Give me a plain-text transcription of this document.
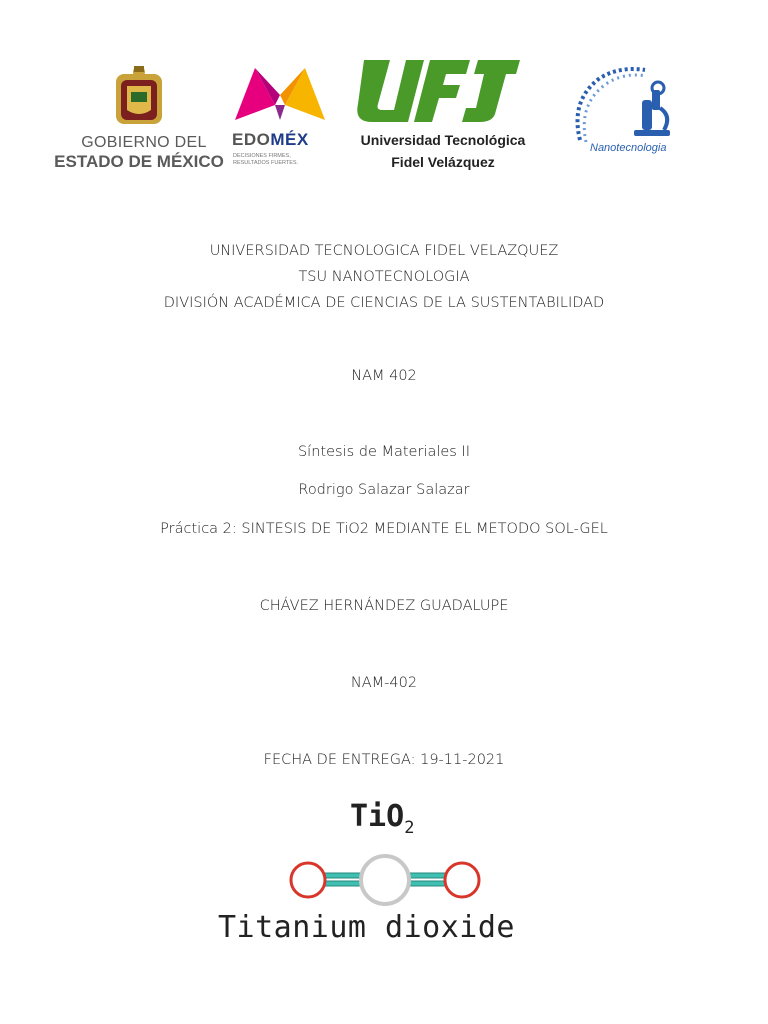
GOBIERNO DEL
ESTADO DE MÉXICO
EDOMÉX
DECISIONES FIRMES,
RESULTADOS FUERTES.
Universidad Tecnológica
Fidel Velázquez
Nanotecnologia
UNIVERSIDAD TECNOLOGICA FIDEL VELAZQUEZ
TSU NANOTECNOLOGIA
DIVISIÓN ACADÉMICA DE CIENCIAS DE LA SUSTENTABILIDAD
NAM 402
Síntesis de Materiales II
Rodrigo Salazar Salazar
Práctica 2: SINTESIS DE TiO2 MEDIANTE EL METODO SOL-GEL
CHÁVEZ HERNÁNDEZ GUADALUPE
NAM-402
FECHA DE ENTREGA: 19-11-2021
TiO$_2$
Titanium dioxide
